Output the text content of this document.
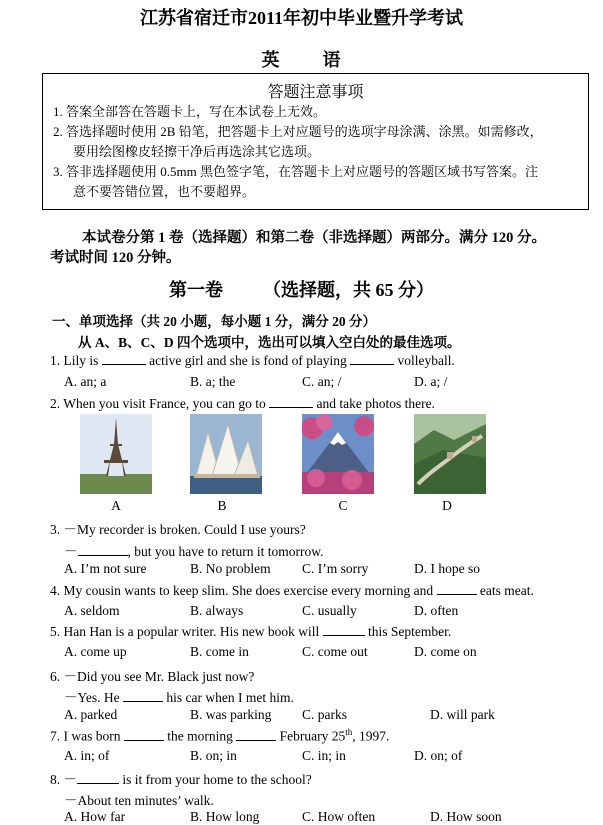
江苏省宿迁市2011年初中毕业暨升学考试
英 语
答题注意事项
1. 答案全部答在答题卡上，写在本试卷上无效。
2. 答选择题时使用 2B 铅笔，把答题卡上对应题号的选项字母涂满、涂黑。如需修改，
要用绘图橡皮轻擦干净后再选涂其它选项。
3. 答非选择题使用 0.5mm 黑色签字笔，在答题卡上对应题号的答题区域书写答案。注
意不要答错位置，也不要超界。
本试卷分第 1 卷（选择题）和第二卷（非选择题）两部分。满分 120 分。
考试时间 120 分钟。
第一卷 （选择题，共 65 分）
一、单项选择（共 20 小题，每小题 1 分，满分 20 分）
从 A、B、C、D 四个选项中，选出可以填入空白处的最佳选项。
1. Lily is	active girl and she is fond of playing	volleyball.
A. an; a	B. a; the	C. an; /	D. a; /
2. When you visit France, you can go to	and take photos there.
A	B	C	D
3. －My recorder is broken. Could I use yours?
－	, but you have to return it tomorrow.
A. I’m not sure	B. No problem C. I’m sorry	D. I hope so
4. My cousin wants to keep slim. She does exercise every morning and	eats meat.
A. seldom	B. always	C. usually	D. often
5. Han Han is a popular writer. His new book will	this September.
A. come up	B. come in	C. come out	D. come on
6. －Did you see Mr. Black just now?
－Yes. He	his car when I met him.
A. parked	B. was parking C. parks	D. will park
7. I was born	the morning	February 25th, 1997.
A. in; of	B. on; in	C. in; in	D. on; of
8. －	is it from your home to the school?
－About ten minutes’ walk.
A. How far	B. How long	C. How often	D. How soon
